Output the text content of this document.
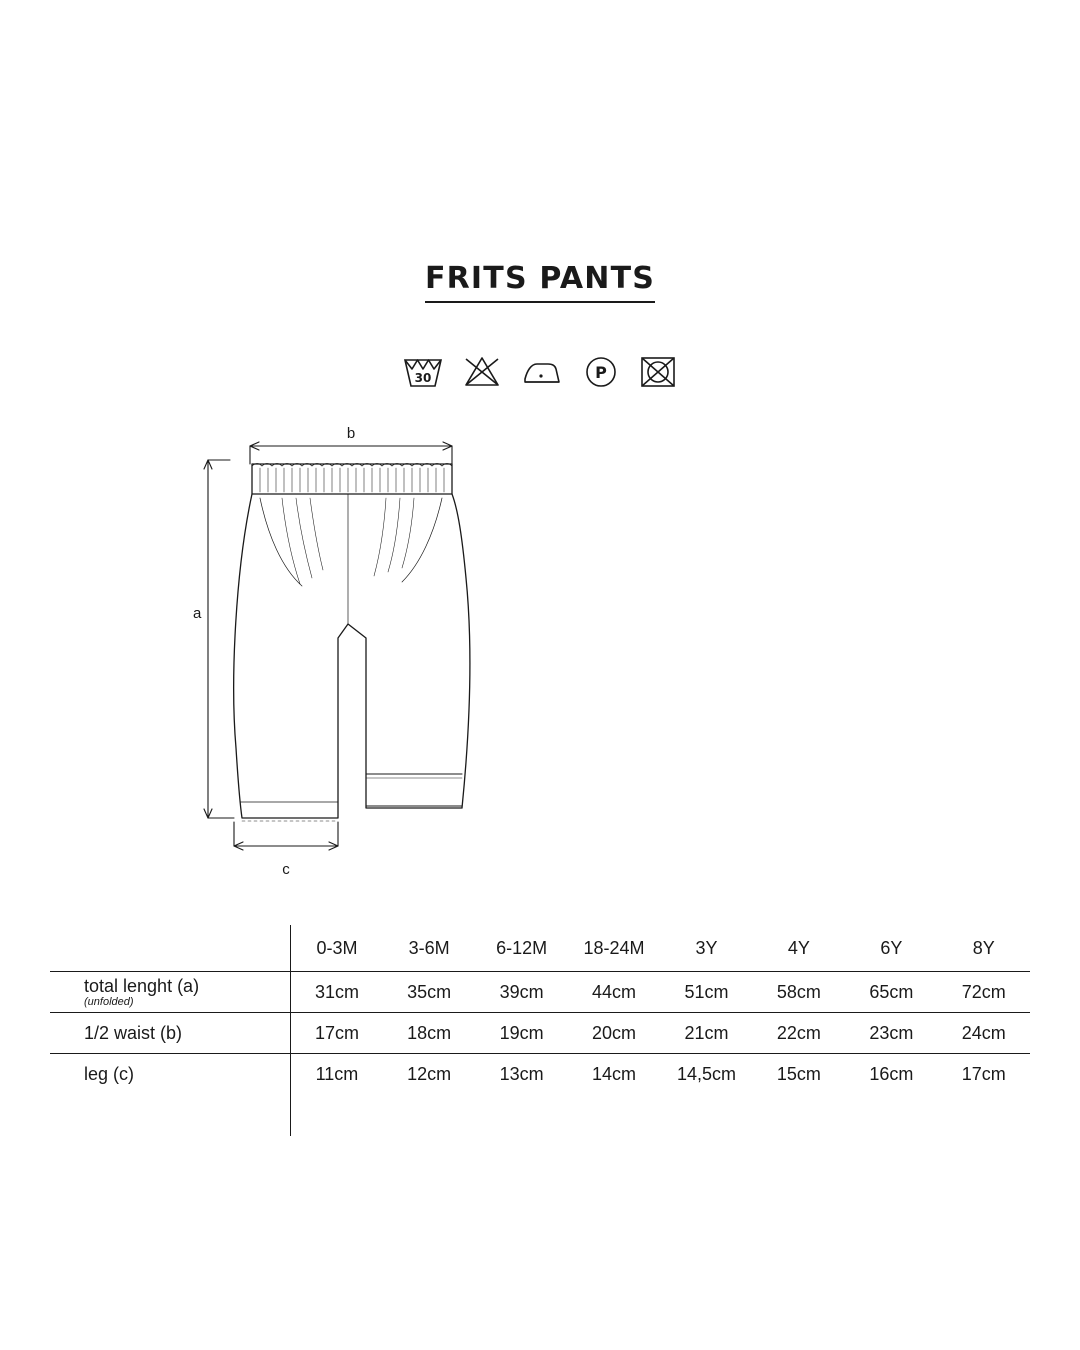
FRITS PANTS
30	P
b
a
c
	0-3M	3-6M	6-12M	18-24M	3Y	4Y	6Y	8Y
total lenght (a)
(unfolded)	31cm	35cm	39cm	44cm	51cm	58cm	65cm	72cm
1/2 waist (b)	17cm	18cm	19cm	20cm	21cm	22cm	23cm	24cm
leg (c)	11cm	12cm	13cm	14cm	14,5cm	15cm	16cm	17cm
